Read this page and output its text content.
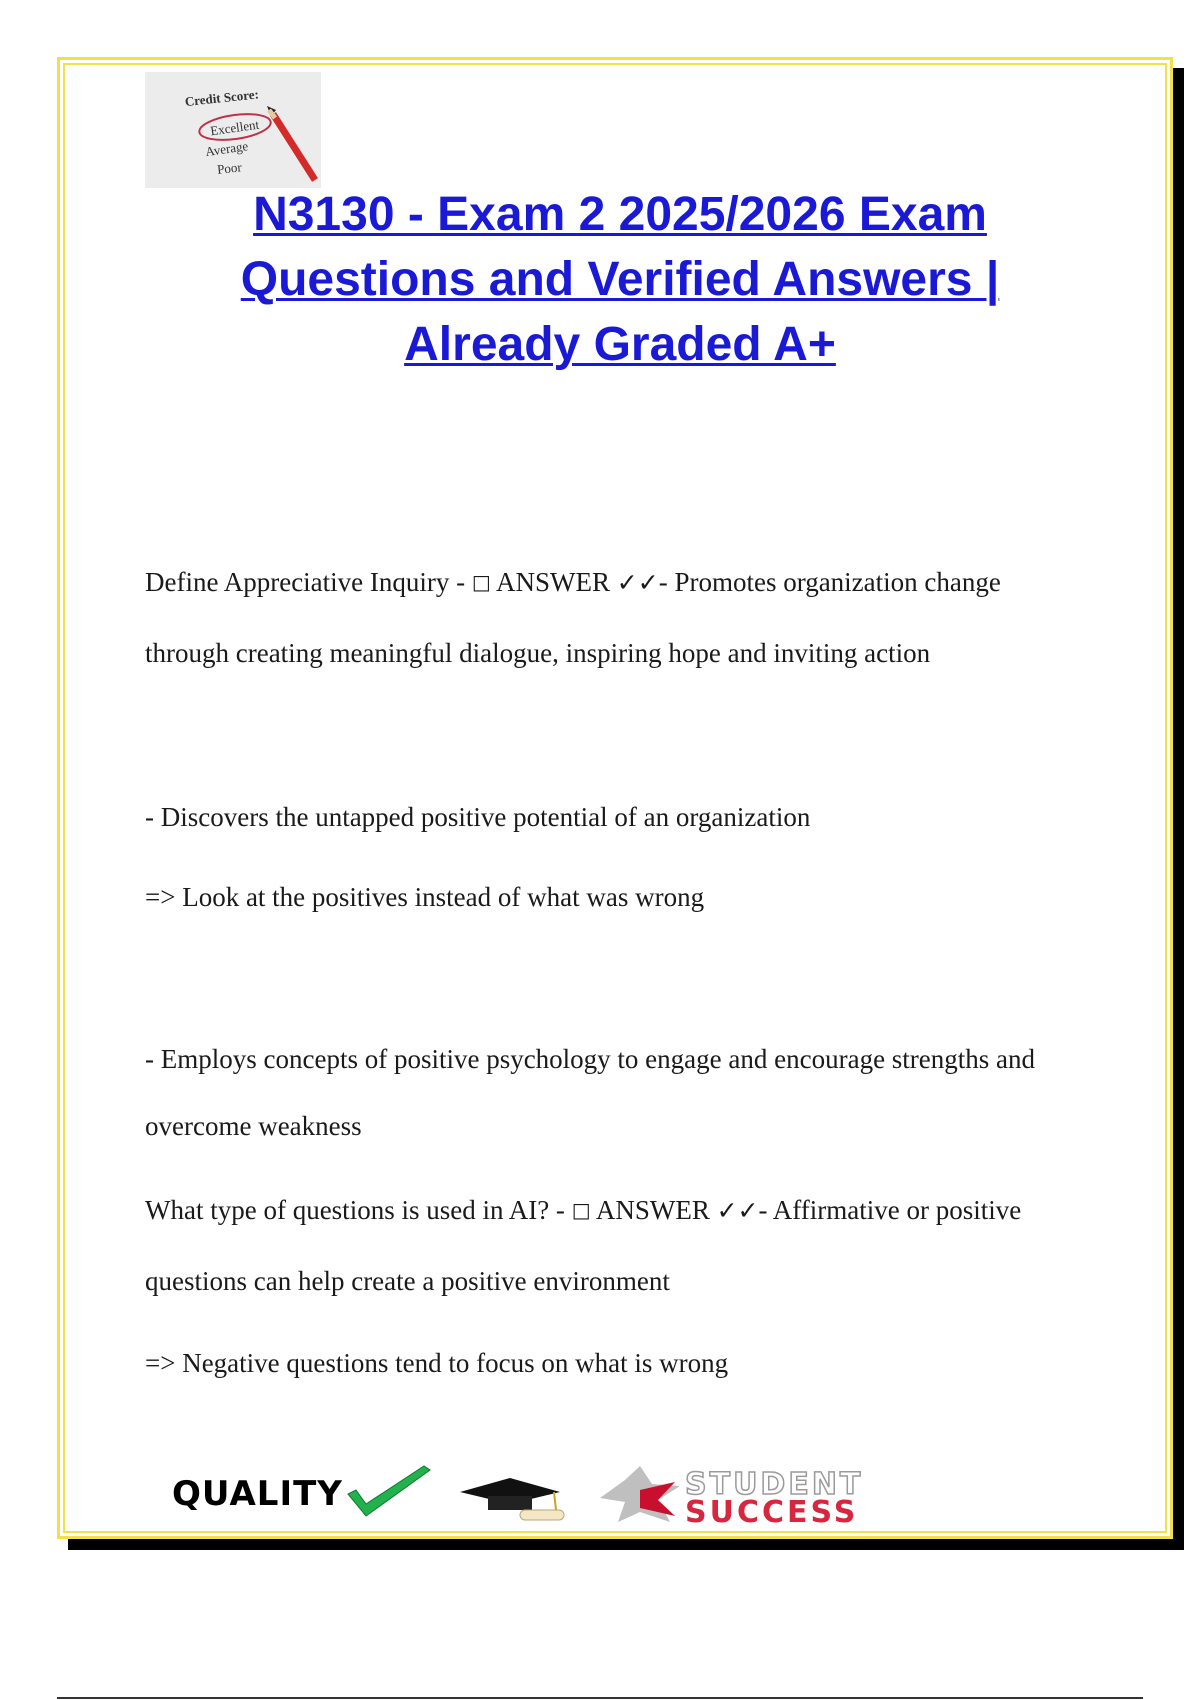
Credit Score:
Excellent
Average
Poor
N3130 - Exam 2 2025/2026 Exam Questions and Verified Answers | Already Graded A+

Define Appreciative Inquiry - □ ANSWER ✓✓- Promotes organization change

through creating meaningful dialogue, inspiring hope and inviting action

- Discovers the untapped positive potential of an organization

=> Look at the positives instead of what was wrong

- Employs concepts of positive psychology to engage and encourage strengths and

overcome weakness

What type of questions is used in AI? - □ ANSWER ✓✓- Affirmative or positive

questions can help create a positive environment

=> Negative questions tend to focus on what is wrong

QUALITY	STUDENT
SUCCESS
